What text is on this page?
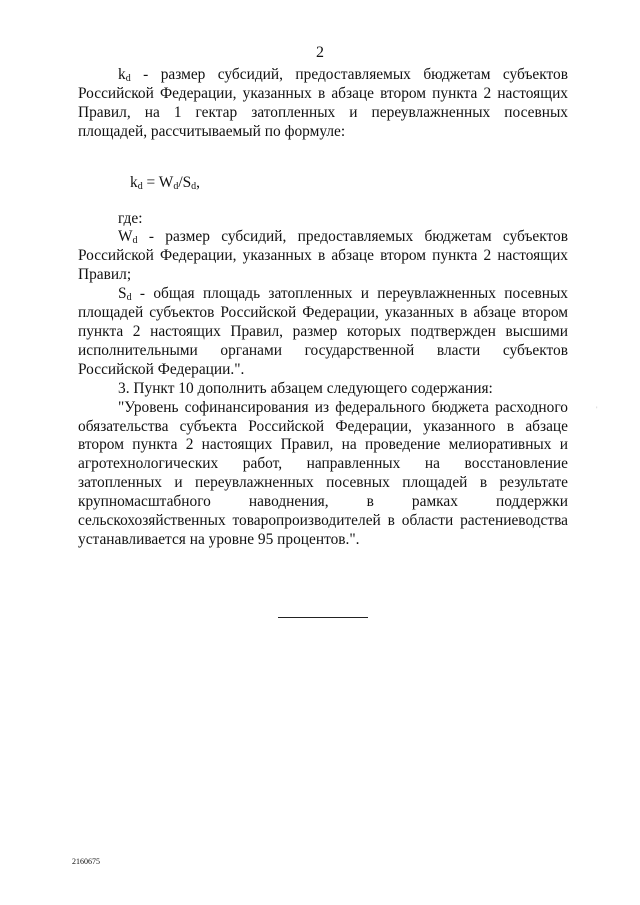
2

$k_d$ - размер субсидий, предоставляемых бюджетам субъектов Российской Федерации, указанных в абзаце втором пункта 2 настоящих Правил, на 1 гектар затопленных и переувлажненных посевных площадей, рассчитываемый по формуле:

$k_d = W_d/S_d$,

где:

$W_d$ - размер субсидий, предоставляемых бюджетам субъектов Российской Федерации, указанных в абзаце втором пункта 2 настоящих Правил;

$S_d$ - общая площадь затопленных и переувлажненных посевных площадей субъектов Российской Федерации, указанных в абзаце втором пункта 2 настоящих Правил, размер которых подтвержден высшими исполнительными органами государственной власти субъектов Российской Федерации.".

3. Пункт 10 дополнить абзацем следующего содержания:

"Уровень софинансирования из федерального бюджета расходного обязательства субъекта Российской Федерации, указанного в абзаце втором пункта 2 настоящих Правил, на проведение мелиоративных и агротехнологических работ, направленных на восстановление затопленных и переувлажненных посевных площадей в результате крупномасштабного наводнения, в рамках поддержки сельскохозяйственных товаропроизводителей в области растениеводства устанавливается на уровне 95 процентов.".

'
2160675
